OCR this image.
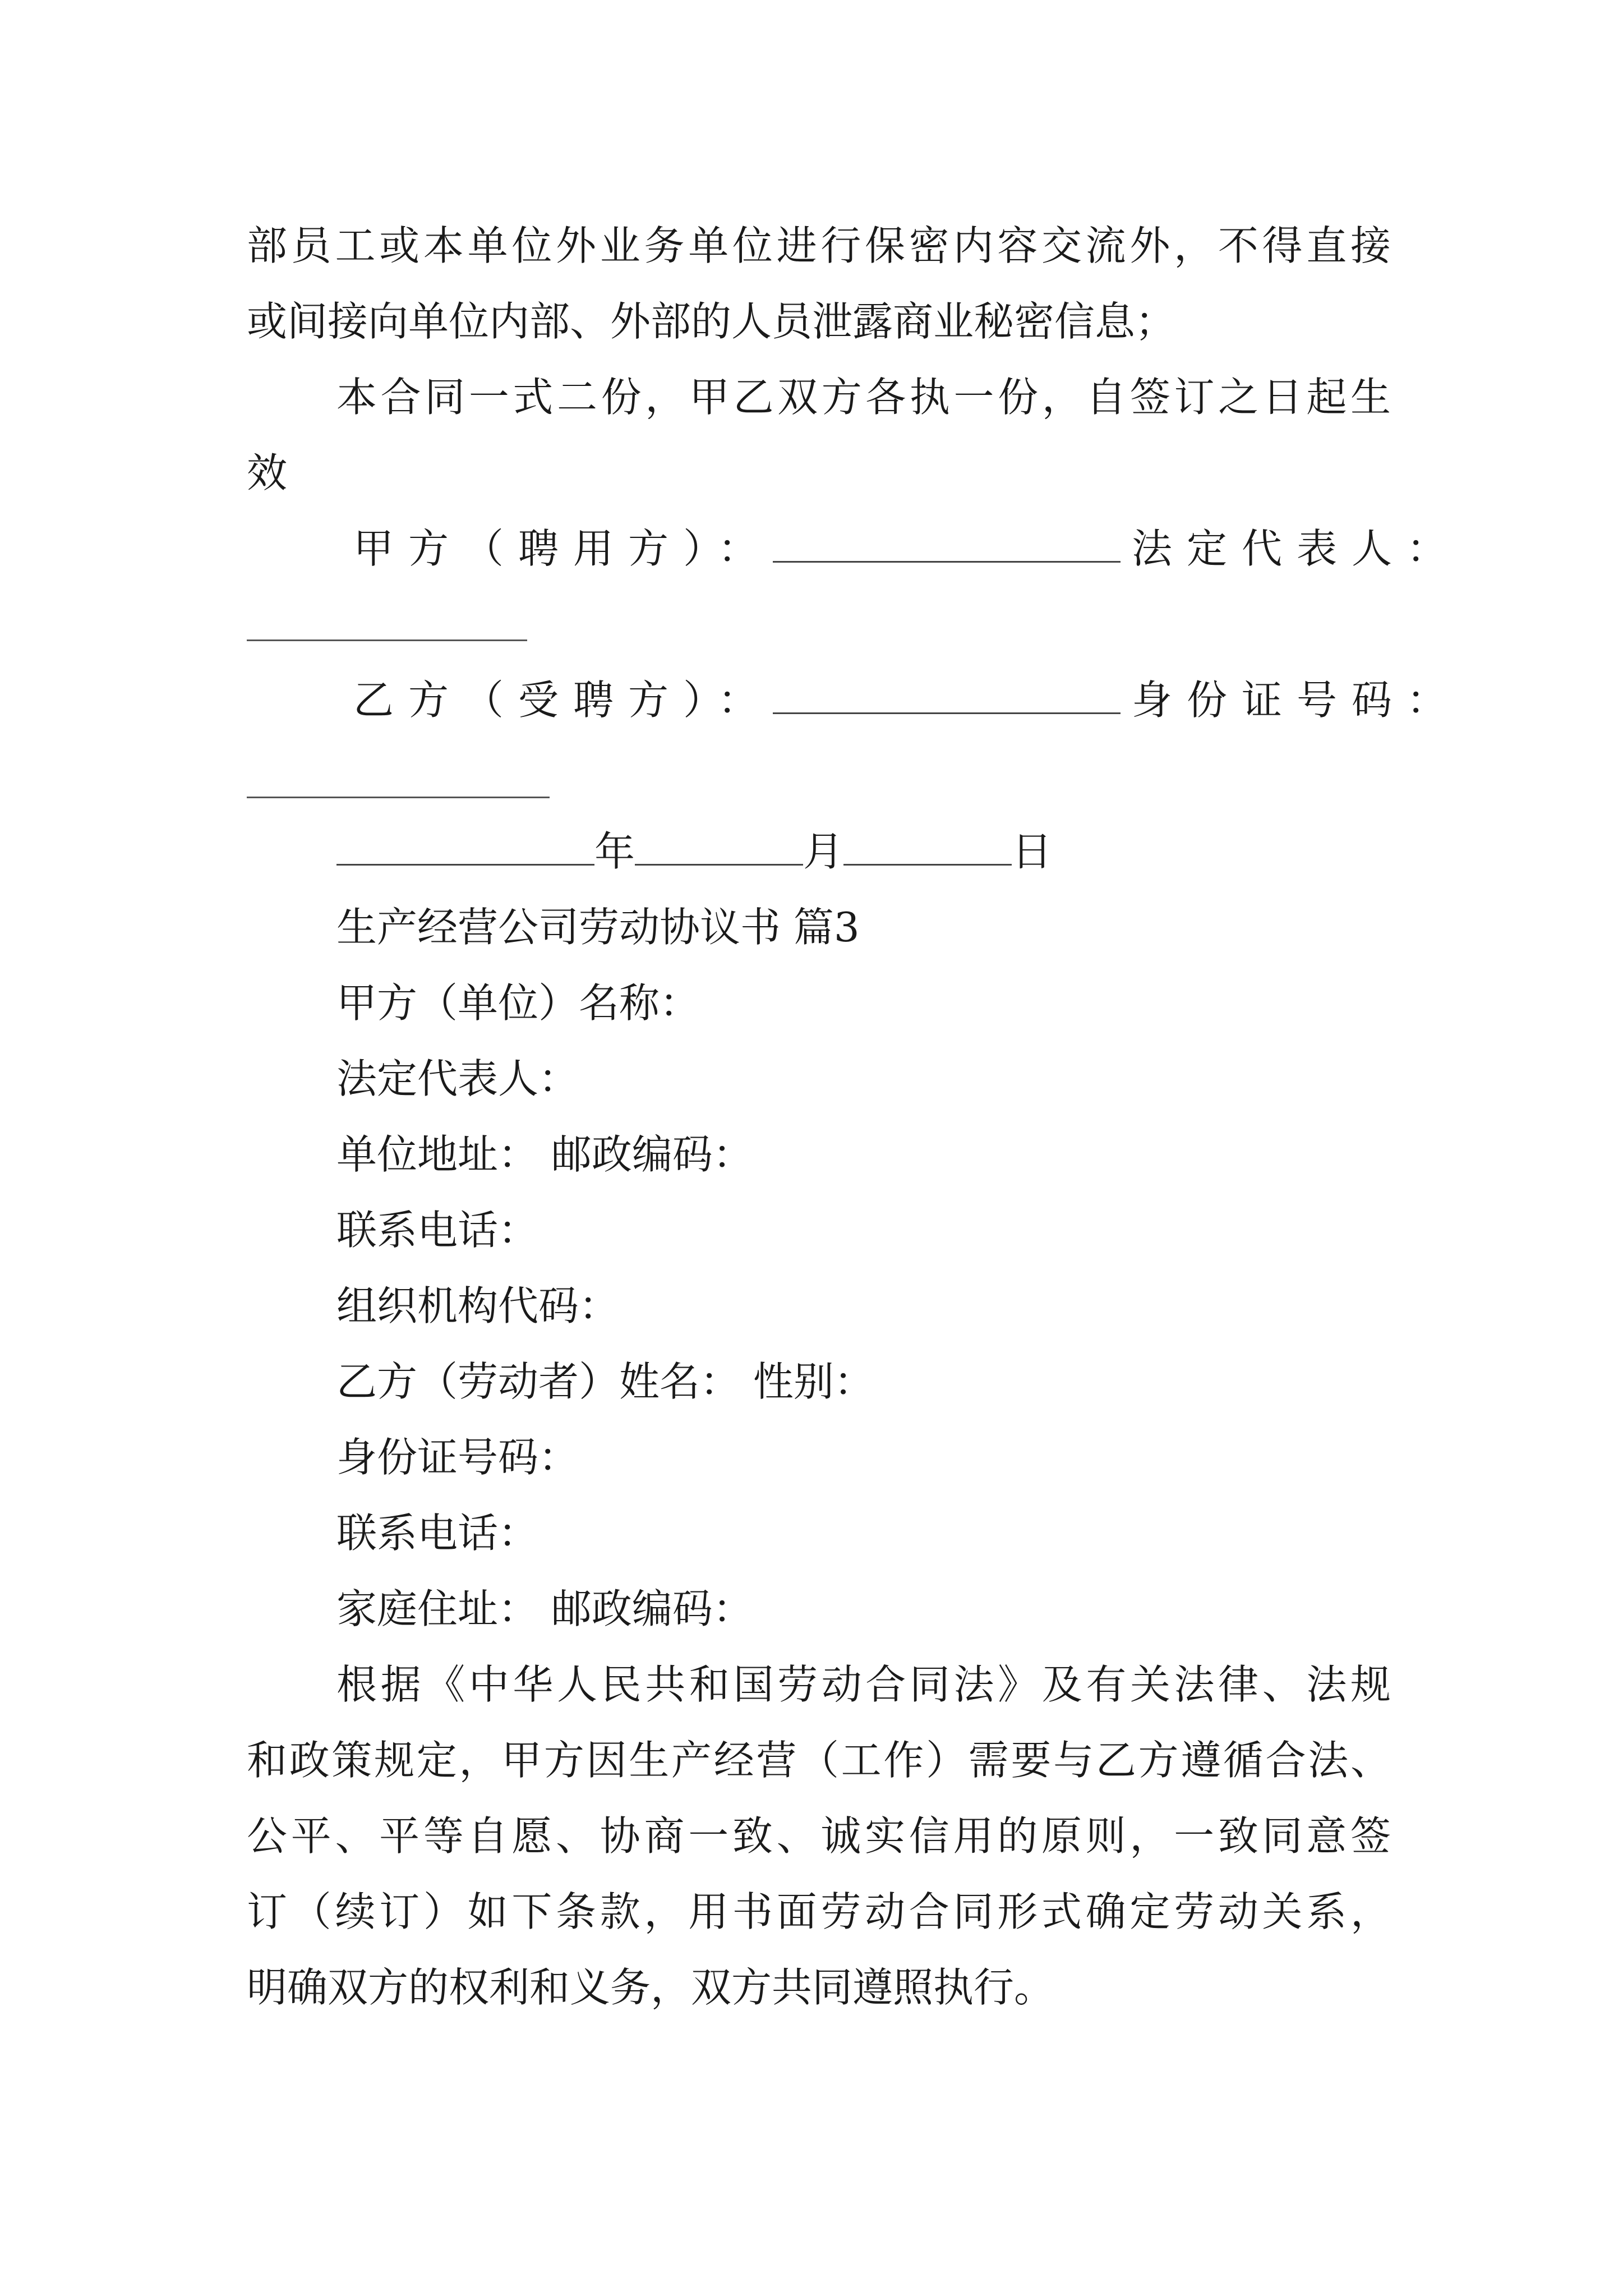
部员工或本单位外业务单位进行保密内容交流外，不得直接
或间接向单位内部、外部的人员泄露商业秘密信息；
本合同一式二份，甲乙双方各执一份，自签订之日起生
效
甲方（聘用方）：	法定代表人：
乙方（受聘方）：	身份证号码：
年	月	日
生产经营公司劳动协议书 篇3
甲方（单位）名称：
法定代表人：
单位地址： 邮政编码：
联系电话：
组织机构代码：
乙方（劳动者）姓名： 性别：
身份证号码：
联系电话：
家庭住址： 邮政编码：
根据《中华人民共和国劳动合同法》及有关法律、法规
和政策规定，甲方因生产经营（工作）需要与乙方遵循合法、
公平、平等自愿、协商一致、诚实信用的原则，一致同意签
订（续订）如下条款，用书面劳动合同形式确定劳动关系，
明确双方的权利和义务，双方共同遵照执行。
